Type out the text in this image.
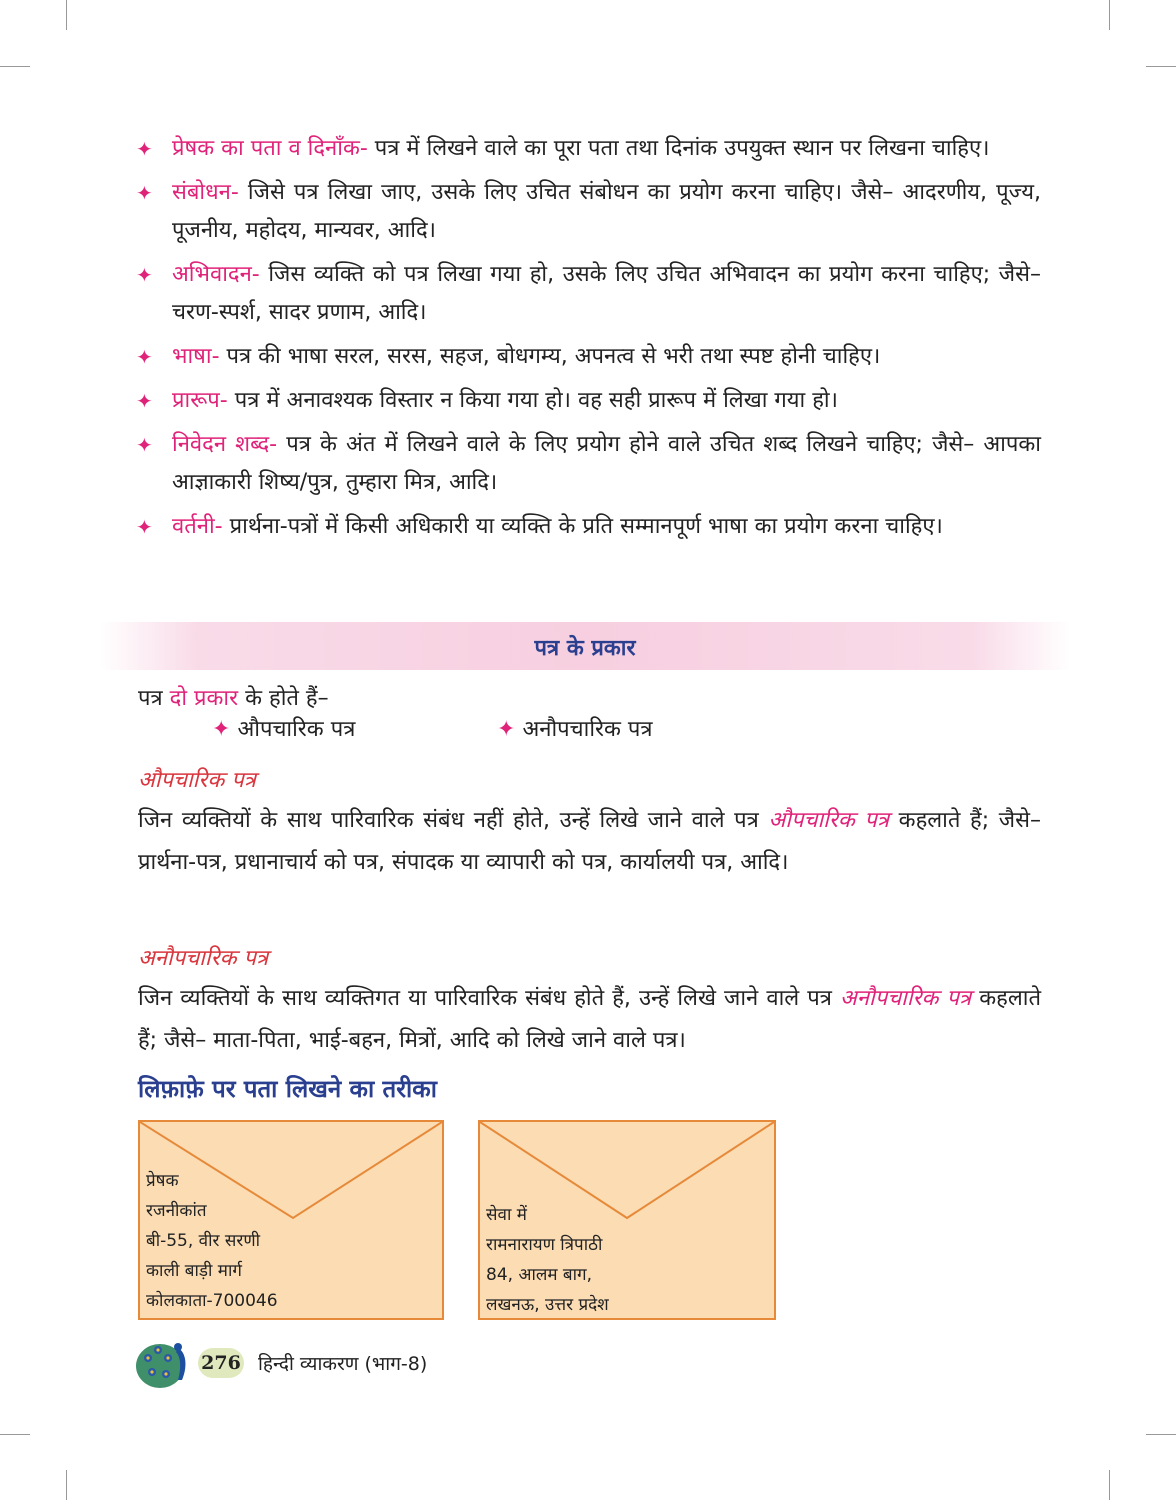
✦ प्रेषक का पता व दिनाँक- पत्र में लिखने वाले का पूरा पता तथा दिनांक उपयुक्त स्थान पर लिखना चाहिए।
✦ संबोधन- जिसे पत्र लिखा जाए, उसके लिए उचित संबोधन का प्रयोग करना चाहिए। जैसे– आदरणीय, पूज्य, पूजनीय, महोदय, मान्यवर, आदि।
✦ अभिवादन- जिस व्यक्ति को पत्र लिखा गया हो, उसके लिए उचित अभिवादन का प्रयोग करना चाहिए; जैसे– चरण-स्पर्श, सादर प्रणाम, आदि।
✦ भाषा- पत्र की भाषा सरल, सरस, सहज, बोधगम्य, अपनत्व से भरी तथा स्पष्ट होनी चाहिए।
✦ प्रारूप- पत्र में अनावश्यक विस्तार न किया गया हो। वह सही प्रारूप में लिखा गया हो।
✦ निवेदन शब्द- पत्र के अंत में लिखने वाले के लिए प्रयोग होने वाले उचित शब्द लिखने चाहिए; जैसे– आपका आज्ञाकारी शिष्य/पुत्र, तुम्हारा मित्र, आदि।
✦ वर्तनी- प्रार्थना-पत्रों में किसी अधिकारी या व्यक्ति के प्रति सम्मानपूर्ण भाषा का प्रयोग करना चाहिए।
पत्र के प्रकार
पत्र दो प्रकार के होते हैं–
✦ औपचारिक पत्र	✦ अनौपचारिक पत्र
औपचारिक पत्र
जिन व्यक्तियों के साथ पारिवारिक संबंध नहीं होते, उन्हें लिखे जाने वाले पत्र औपचारिक पत्र कहलाते हैं; जैसे– प्रार्थना-पत्र, प्रधानाचार्य को पत्र, संपादक या व्यापारी को पत्र, कार्यालयी पत्र, आदि।
अनौपचारिक पत्र
जिन व्यक्तियों के साथ व्यक्तिगत या पारिवारिक संबंध होते हैं, उन्हें लिखे जाने वाले पत्र अनौपचारिक पत्र कहलाते हैं; जैसे– माता-पिता, भाई-बहन, मित्रों, आदि को लिखे जाने वाले पत्र।
लिफ़ाफ़े पर पता लिखने का तरीका
प्रेषक
रजनीकांत
बी-55, वीर सरणी
काली बाड़ी मार्ग
कोलकाता-700046
सेवा में
रामनारायण त्रिपाठी
84, आलम बाग,
लखनऊ, उत्तर प्रदेश
276 हिन्दी व्याकरण (भाग-8)
